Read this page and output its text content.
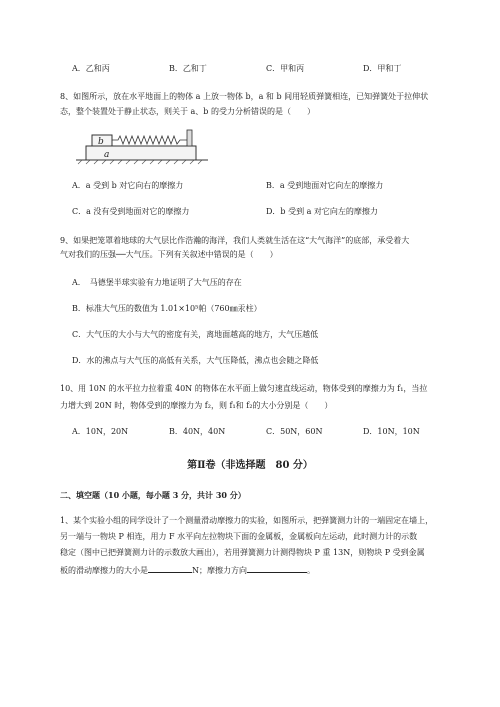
A．乙和丙	B．乙和丁	C．甲和丙	D．甲和丁
8、如图所示，放在水平地面上的物体 a 上放一物体 b，a 和 b 间用轻质弹簧相连，已知弹簧处于拉伸状
态，整个装置处于静止状态，则关于 a、b 的受力分析错误的是（　　）
b
a
A．a 受到 b 对它向右的摩擦力	B．a 受到地面对它向左的摩擦力
C．a 没有受到地面对它的摩擦力	D．b 受到 a 对它向左的摩擦力
9、如果把笼罩着地球的大气层比作浩瀚的海洋，我们人类就生活在这“大气海洋”的底部，承受着大
气对我们的压强──大气压。下列有关叙述中错误的是（　　）
A．　马德堡半球实验有力地证明了大气压的存在
B．标准大气压的数值为 1.01×10⁵帕（760㎜汞柱）
C．大气压的大小与大气的密度有关，离地面越高的地方，大气压越低
D．水的沸点与大气压的高低有关系，大气压降低，沸点也会随之降低
10、用 10N 的水平拉力拉着重 40N 的物体在水平面上做匀速直线运动，物体受到的摩擦力为 f₁，当拉
力增大到 20N 时，物体受到的摩擦力为 f₂，则 f₁和 f₂的大小分别是（　　）
A．10N，20N	B．40N，40N	C．50N，60N	D．10N，10N
第Ⅱ卷（非选择题　80 分）
二、填空题（10 小题，每小题 3 分，共计 30 分）
1、某个实验小组的同学设计了一个测量滑动摩擦力的实验，如图所示，把弹簧测力计的一端固定在墙上，
另一端与一物块 P 相连，用力 F 水平向左拉物块下面的金属板，金属板向左运动，此时测力计的示数
稳定（图中已把弹簧测力计的示数放大画出），若用弹簧测力计测得物块 P 重 13N，则物块 P 受到金属
板的滑动摩擦力的大小是	N；摩擦力方向	。
